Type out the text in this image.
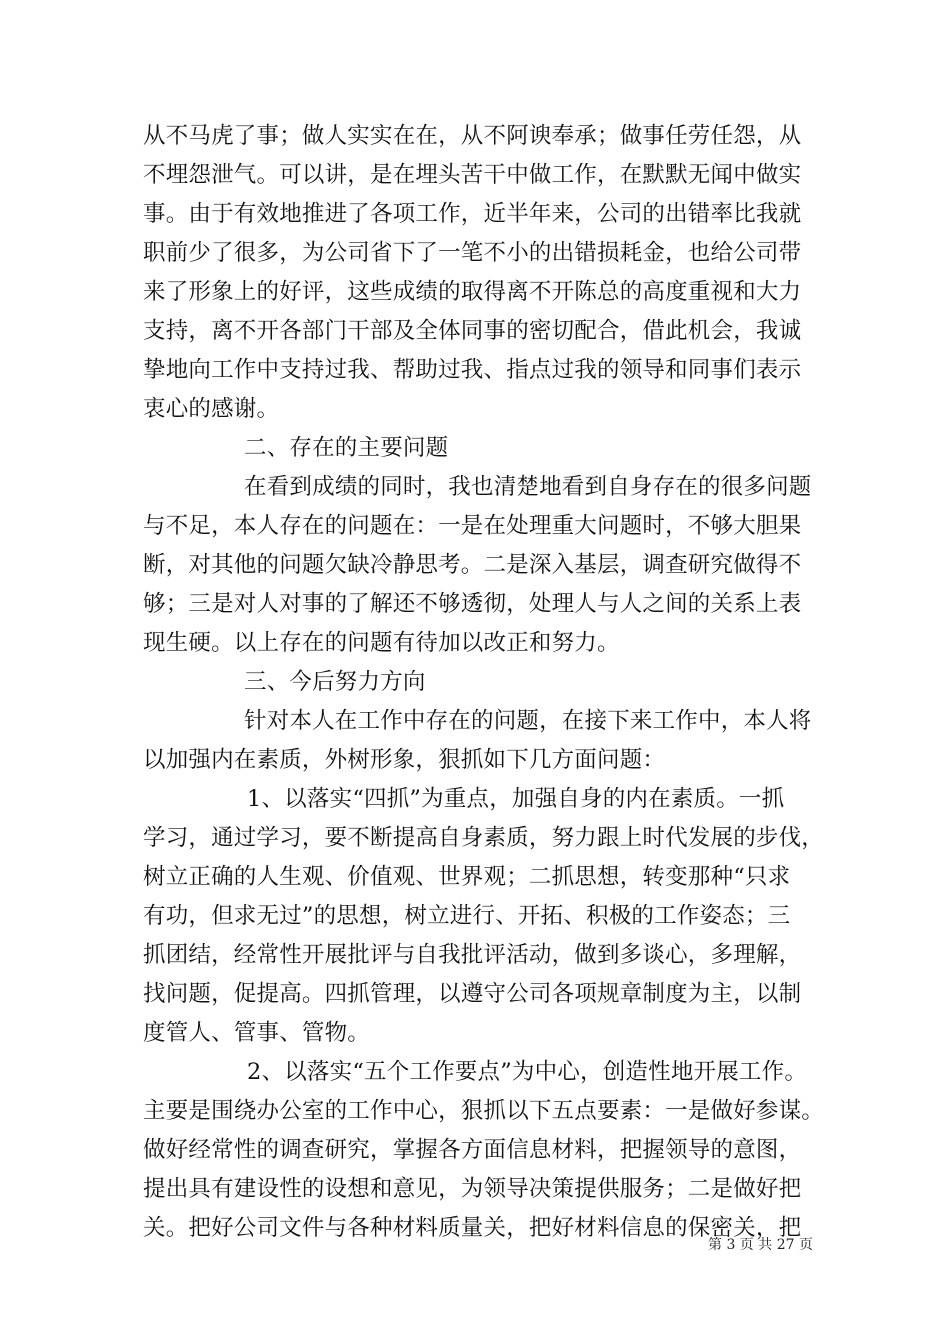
从不马虎了事；做人实实在在，从不阿谀奉承；做事任劳任怨，从
不埋怨泄气。可以讲，是在埋头苦干中做工作，在默默无闻中做实
事。由于有效地推进了各项工作，近半年来，公司的出错率比我就
职前少了很多，为公司省下了一笔不小的出错损耗金，也给公司带
来了形象上的好评，这些成绩的取得离不开陈总的高度重视和大力
支持，离不开各部门干部及全体同事的密切配合，借此机会，我诚
挚地向工作中支持过我、帮助过我、指点过我的领导和同事们表示
衷心的感谢。
二、存在的主要问题
在看到成绩的同时，我也清楚地看到自身存在的很多问题
与不足，本人存在的问题在：一是在处理重大问题时，不够大胆果
断，对其他的问题欠缺冷静思考。二是深入基层，调查研究做得不
够；三是对人对事的了解还不够透彻，处理人与人之间的关系上表
现生硬。以上存在的问题有待加以改正和努力。
三、今后努力方向
针对本人在工作中存在的问题，在接下来工作中，本人将
以加强内在素质，外树形象，狠抓如下几方面问题：
1、以落实“四抓”为重点，加强自身的内在素质。一抓
学习，通过学习，要不断提高自身素质，努力跟上时代发展的步伐，
树立正确的人生观、价值观、世界观；二抓思想，转变那种“只求
有功，但求无过”的思想，树立进行、开拓、积极的工作姿态；三
抓团结，经常性开展批评与自我批评活动，做到多谈心，多理解，
找问题，促提高。四抓管理，以遵守公司各项规章制度为主，以制
度管人、管事、管物。
2、以落实“五个工作要点”为中心，创造性地开展工作。
主要是围绕办公室的工作中心，狠抓以下五点要素：一是做好参谋。
做好经常性的调查研究，掌握各方面信息材料，把握领导的意图，
提出具有建设性的设想和意见，为领导决策提供服务；二是做好把
关。把好公司文件与各种材料质量关，把好材料信息的保密关，把
第 3 页 共 27 页
